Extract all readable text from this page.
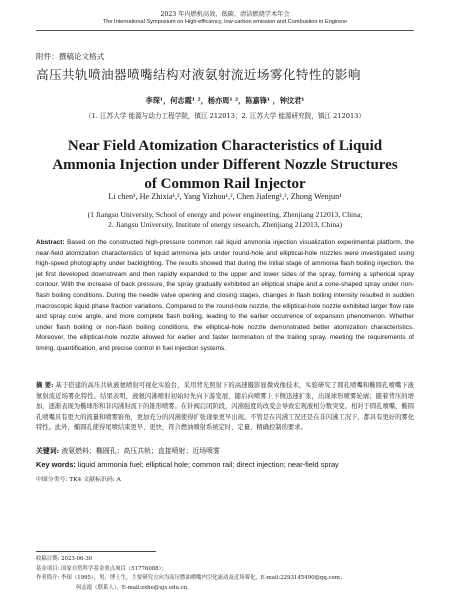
2023 年内燃机高效、低碳、清洁燃烧学术年会
The International Symposium on High-efficiency, low-carbon emission and Combustion in Engines•
附件：撰稿论文格式
高压共轨喷油器喷嘴结构对液氨射流近场雾化特性的影响
李琛¹，何志霞¹ ²，杨亦周¹ ²，陈嘉锋¹ ，钟汶君¹
（1. 江苏大学 能源与动力工程学院，镇江 212013；2. 江苏大学 能源研究院，镇江 212013）
Near Field Atomization Characteristics of Liquid
Ammonia Injection under Different Nozzle Structures
of Common Rail Injector
Li chen¹, He Zhixia¹,², Yang Yizhou¹,², Chen Jiafeng¹,², Zhong Wenjun¹
(1 Jiangsu University, School of energy and power engineering, Zhenjiang 212013, China;
2. Jiangsu University, Institute of energy research, Zhenjiang 212013, China)
Abstract: Based on the constructed high-pressure common rail liquid ammonia injection visualization experimental platform, the near-field atomization characteristics of liquid ammonia jets under round-hole and elliptical-hole nozzles were investigated using high-speed photography under backlighting. The results showed that during the initial stage of ammonia flash boiling injection, the jet first developed downstream and then rapidly expanded to the upper and lower sides of the spray, forming a spherical spray contour. With the increase of back pressure, the spray gradually exhibited an elliptical shape and a cone-shaped spray under non-flash boiling conditions. During the needle valve opening and closing stages, changes in flash boiling intensity resulted in sudden macroscopic liquid phase fraction variations. Compared to the round-hole nozzle, the elliptical-hole nozzle exhibited larger flow rate and spray cone angle, and more complete flash boiling, leading to the earlier occurrence of expansion phenomenon. Whether under flash boiling or non-flash boiling conditions, the elliptical-hole nozzle demonstrated better atomization characteristics. Moreover, the elliptical-hole nozzle allowed for earlier and faster termination of the trailing spray, meeting the requirements of timing, quantification, and precise control in fuel injection systems.
摘 要: 基于搭建的高压共轨液氨喷射可视化实验台，采用背光照射下的高速摄影显微成像技术，实验研究了圆孔喷嘴和椭圆孔喷嘴下液氨射流近场雾化特性。结果表明，液氨闪沸喷射初始时先向下游发展，随后向喷雾上下侧迅速扩张，出现球形喷雾轮廓；随着背压的增加，逐渐表现为椭球形和非闪沸射流下的锥形喷雾。在针阀启闭阶段，闪沸强度的改变会导致宏观液相分数突变。相对于圆孔喷嘴，椭圆孔喷嘴具有更大的流量和喷雾锥角，更加充分的闪沸使得扩张现象更早出现。不管是在闪沸工况还是在非闪沸工况下，都具有更好的雾化特性。此外，椭圆孔使得尾喷结束更早、更快，符合燃油喷射系统定时、定量、精确控制的要求。
关键词: 液氨燃料；椭圆孔；高压共轨；直接喷射；近场喷雾
Key words: liquid ammonia fuel; elliptical hole; common rail; direct injection; near-field spray
中图分类号: TK4 文献标识码: A
收稿日期: 2023-06-30
基金项目: 国家自然科学基金重点项目（51776088）；
作者简介: 李琛（1995），男，博士生，主要研究方向为高压燃油喷嘴内空化流动及近场雾化，E-mail:2293145490@qq.com；
何志霞（联系人），E-mail:zxhe@ujs.edu.cn。
